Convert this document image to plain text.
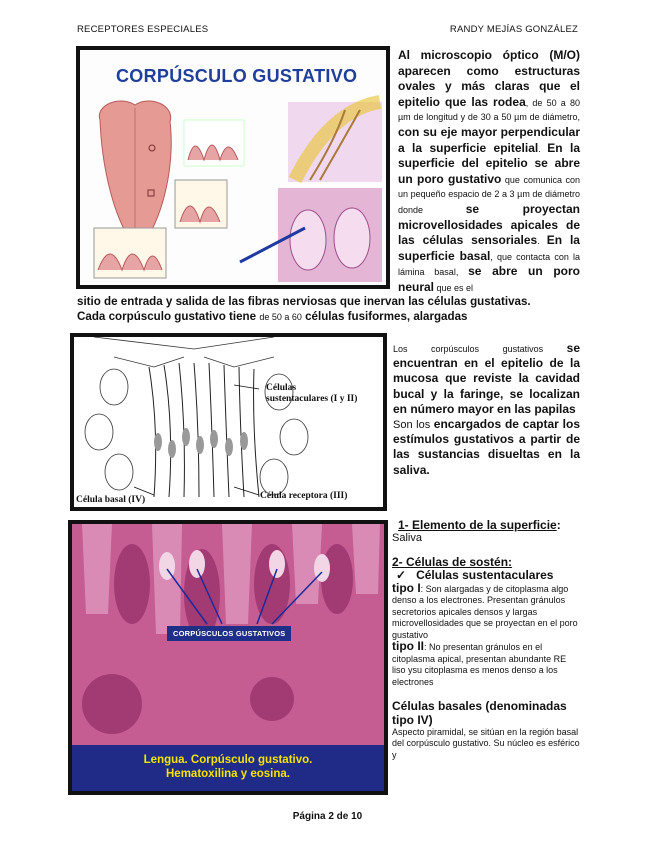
RECEPTORES ESPECIALES	RANDY MEJÍAS GONZÁLEZ
CORPÚSCULO GUSTATIVO
Al microscopio óptico (M/O) aparecen como estructuras ovales y más claras que el epitelio que las rodea, de 50 a 80 µm de longitud y de 30 a 50 µm de diámetro, con su eje mayor perpendicular a la superficie epitelial. En la superficie del epitelio se abre un poro gustativo que comunica con un pequeño espacio de 2 a 3 µm de diámetro donde se proyectan microvellosidades apicales de las células sensoriales. En la superficie basal, que contacta con la lámina basal, se abre un poro neural que es el
sitio de entrada y salida de las fibras nerviosas que inervan las células gustativas.
Cada corpúsculo gustativo tiene de 50 a 60 células fusiformes, alargadas
Células
sustentaculares (I y II)
Célula basal (IV)	Célula receptora (III)
Los corpúsculos gustativos se encuentran en el epitelio de la mucosa que reviste la cavidad bucal y la faringe, se localizan en número mayor en las papilas
Son los encargados de captar los estímulos gustativos a partir de las sustancias disueltas en la saliva.
CORPÚSCULOS GUSTATIVOS
Lengua. Corpúsculo gustativo.
Hematoxilina y eosina.

1- Elemento de la superficie:

Saliva

2- Células de sostén:

✓ Células sustentaculares

tipo I: Son alargadas y de citoplasma algo denso a los electrones. Presentan gránulos secretorios apicales densos y largas microvellosidades que se proyectan en el poro gustativo

tipo II: No presentan gránulos en el citoplasma apical, presentan abundante RE liso ysu citoplasma es menos denso a los electrones

Células basales (denominadas tipo IV)

Aspecto piramidal, se sitúan en la región basal del corpúsculo gustativo. Su núcleo es esférico y

Página 2 de 10
